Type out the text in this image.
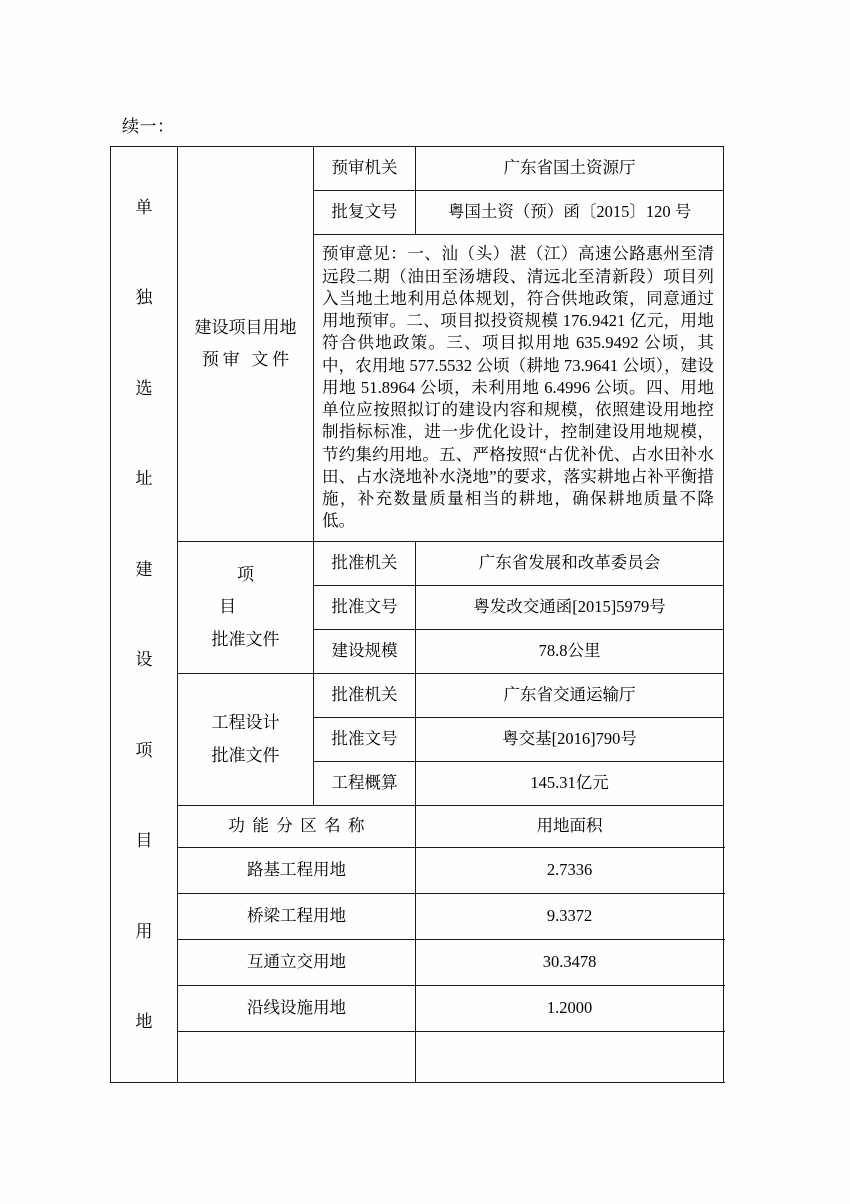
续一：
单
独
选
址
建
设
项
目
用
地

建设项目用地
预审 文件
	预审机关	广东省国土资源厅
		批复文号	粤国土资（预）函〔2015〕120 号
		预审意见：一、汕（头）湛（江）高速公路惠州至清远段二期（油田至汤塘段、清远北至清新段）项目列入当地土地利用总体规划，符合供地政策，同意通过用地预审。二、项目拟投资规模 176.9421 亿元，用地符合供地政策。三、项目拟用地 635.9492 公顷，其中，农用地 577.5532 公顷（耕地 73.9641 公顷），建设用地 51.8964 公顷，未利用地 6.4996 公顷。四、用地单位应按照拟订的建设内容和规模，依照建设用地控制指标标准，进一步优化设计，控制建设用地规模，节约集约用地。五、严格按照“占优补优、占水田补水田、占水浇地补水浇地”的要求，落实耕地占补平衡措施，补充数量质量相当的耕地，确保耕地质量不降低。	

	项 目
批准文件	批准机关	广东省发展和改革委员会
		批准文号	粤发改交通函[2015]5979号
		建设规模	78.8公里

	工程设计
批准文件	批准机关	广东省交通运输厅
		批准文号	粤交基[2016]790号
		工程概算	145.31亿元
	功能分区名称		用地面积
	路基工程用地		2.7336
	桥梁工程用地		9.3372
	互通立交用地		30.3478
	沿线设施用地		1.2000
